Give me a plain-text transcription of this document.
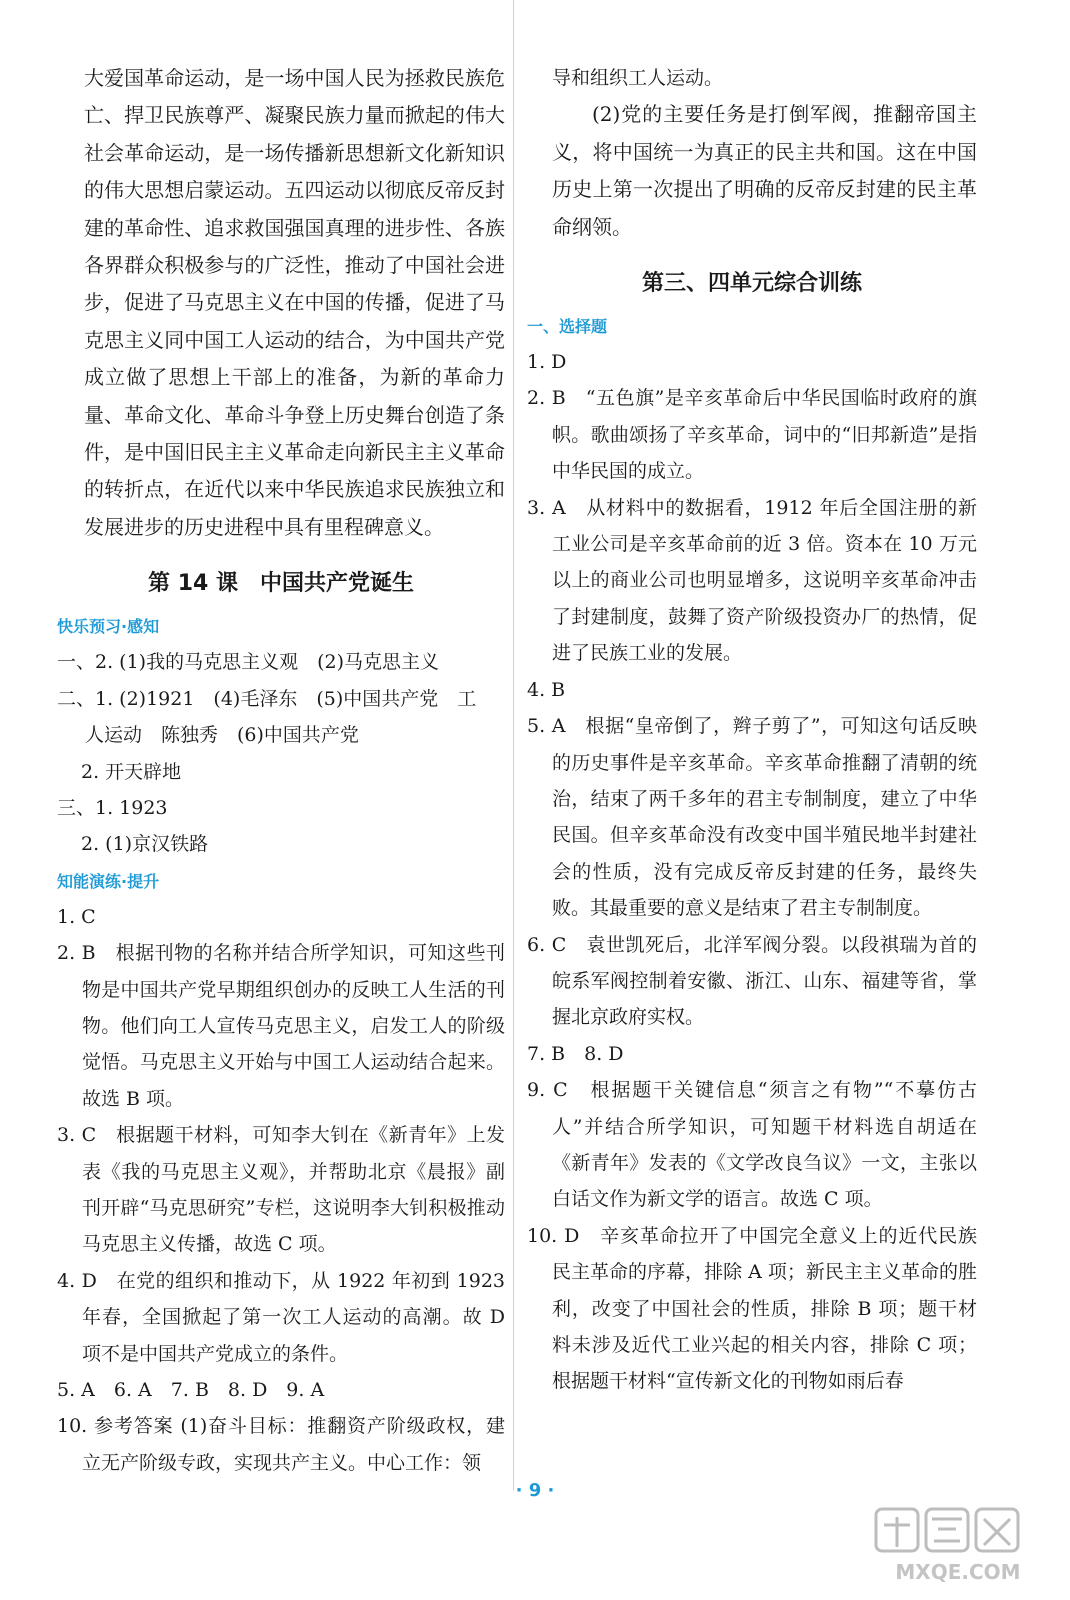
大爱国革命运动，是一场中国人民为拯救民族危亡、捍卫民族尊严、凝聚民族力量而掀起的伟大社会革命运动，是一场传播新思想新文化新知识的伟大思想启蒙运动。五四运动以彻底反帝反封建的革命性、追求救国强国真理的进步性、各族各界群众积极参与的广泛性，推动了中国社会进步，促进了马克思主义在中国的传播，促进了马克思主义同中国工人运动的结合，为中国共产党成立做了思想上干部上的准备，为新的革命力量、革命文化、革命斗争登上历史舞台创造了条件，是中国旧民主主义革命走向新民主主义革命的转折点，在近代以来中华民族追求民族独立和发展进步的历史进程中具有里程碑意义。

第 14 课　中国共产党诞生
快乐预习·感知

一、2. (1)我的马克思主义观　(2)马克思主义

二、1. (2)1921　(4)毛泽东　(5)中国共产党　工

人运动　陈独秀　(6)中国共产党

2. 开天辟地

三、1. 1923

2. (1)京汉铁路

知能演练·提升

1. C

2. B　根据刊物的名称并结合所学知识，可知这些刊物是中国共产党早期组织创办的反映工人生活的刊物。他们向工人宣传马克思主义，启发工人的阶级觉悟。马克思主义开始与中国工人运动结合起来。故选 B 项。

3. C　根据题干材料，可知李大钊在《新青年》上发表《我的马克思主义观》，并帮助北京《晨报》副刊开辟“马克思研究”专栏，这说明李大钊积极推动马克思主义传播，故选 C 项。

4. D　在党的组织和推动下，从 1922 年初到 1923 年春，全国掀起了第一次工人运动的高潮。故 D 项不是中国共产党成立的条件。

5. A　6. A　7. B　8. D　9. A

10. 参考答案 (1)奋斗目标：推翻资产阶级政权，建立无产阶级专政，实现共产主义。中心工作：领

导和组织工人运动。

(2)党的主要任务是打倒军阀，推翻帝国主义，将中国统一为真正的民主共和国。这在中国历史上第一次提出了明确的反帝反封建的民主革命纲领。

第三、四单元综合训练
一、选择题

1. D

2. B　“五色旗”是辛亥革命后中华民国临时政府的旗帜。歌曲颂扬了辛亥革命，词中的“旧邦新造”是指中华民国的成立。

3. A　从材料中的数据看，1912 年后全国注册的新工业公司是辛亥革命前的近 3 倍。资本在 10 万元以上的商业公司也明显增多，这说明辛亥革命冲击了封建制度，鼓舞了资产阶级投资办厂的热情，促进了民族工业的发展。

4. B

5. A　根据“皇帝倒了，辫子剪了”，可知这句话反映的历史事件是辛亥革命。辛亥革命推翻了清朝的统治，结束了两千多年的君主专制制度，建立了中华民国。但辛亥革命没有改变中国半殖民地半封建社会的性质，没有完成反帝反封建的任务，最终失败。其最重要的意义是结束了君主专制制度。

6. C　袁世凯死后，北洋军阀分裂。以段祺瑞为首的皖系军阀控制着安徽、浙江、山东、福建等省，掌握北京政府实权。

7. B　8. D

9. C　根据题干关键信息“须言之有物”“不摹仿古人”并结合所学知识，可知题干材料选自胡适在《新青年》发表的《文学改良刍议》一文，主张以白话文作为新文学的语言。故选 C 项。

10. D　辛亥革命拉开了中国完全意义上的近代民族民主革命的序幕，排除 A 项；新民主主义革命的胜利，改变了中国社会的性质，排除 B 项；题干材料未涉及近代工业兴起的相关内容，排除 C 项；根据题干材料“宣传新文化的刊物如雨后春

· 9 ·
MXQE.COM
